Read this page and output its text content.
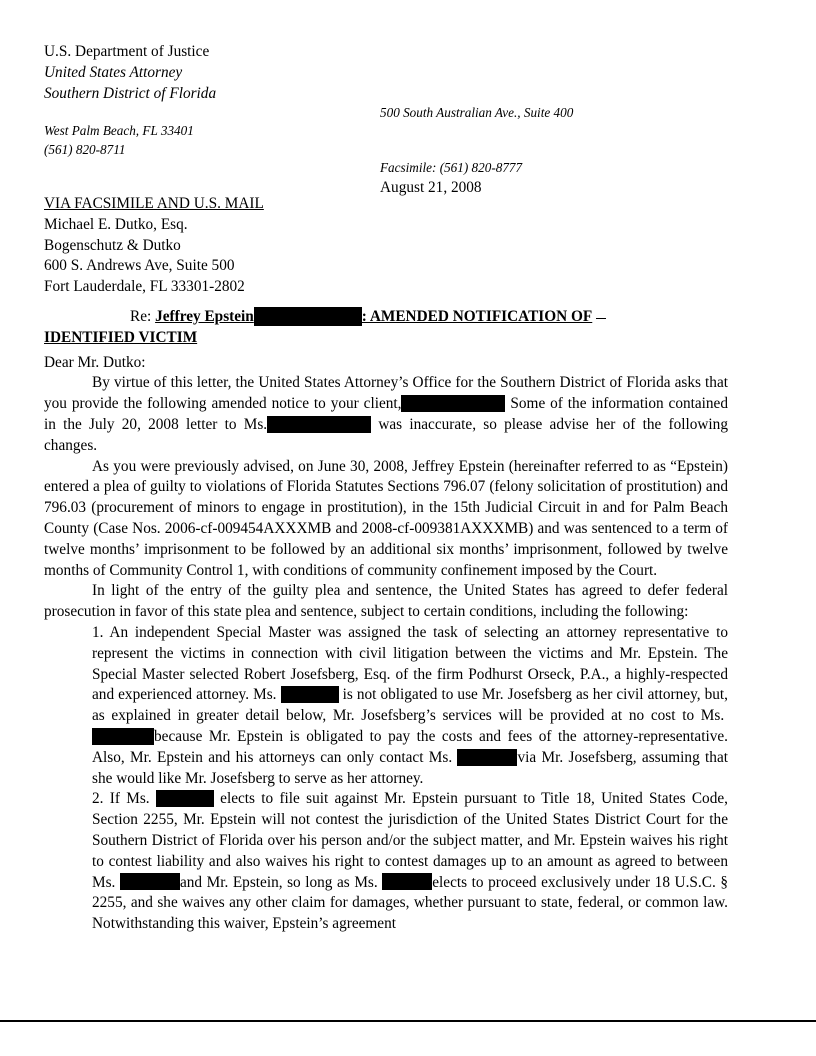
U.S. Department of Justice
United States Attorney
Southern District of Florida
500 South Australian Ave., Suite 400
West Palm Beach, FL 33401
(561) 820-8711
Facsimile: (561) 820-8777
August 21, 2008
VIA FACSIMILE AND U.S. MAIL
Michael E. Dutko, Esq.
Bogenschutz & Dutko
600 S. Andrews Ave, Suite 500
Fort Lauderdale, FL 33301-2802
Re: Jeffrey Epstein	: AMENDED NOTIFICATION OF
IDENTIFIED VICTIM
Dear Mr. Dutko:

By virtue of this letter, the United States Attorney’s Office for the Southern District of Florida asks that you provide the following amended notice to your client,	Some of the information contained in the July 20, 2008 letter to Ms.	was inaccurate, so please advise her of the following changes.

As you were previously advised, on June 30, 2008, Jeffrey Epstein (hereinafter referred to as “Epstein) entered a plea of guilty to violations of Florida Statutes Sections 796.07 (felony solicitation of prostitution) and 796.03 (procurement of minors to engage in prostitution), in the 15th Judicial Circuit in and for Palm Beach County (Case Nos. 2006-cf-009454AXXXMB and 2008-cf-009381AXXXMB) and was sentenced to a term of twelve months’ imprisonment to be followed by an additional six months’ imprisonment, followed by twelve months of Community Control 1, with conditions of community confinement imposed by the Court.

In light of the entry of the guilty plea and sentence, the United States has agreed to defer federal prosecution in favor of this state plea and sentence, subject to certain conditions, including the following:

1. An independent Special Master was assigned the task of selecting an attorney representative to represent the victims in connection with civil litigation between the victims and Mr. Epstein. The Special Master selected Robert Josefsberg, Esq. of the firm Podhurst Orseck, P.A., a highly-respected and experienced attorney. Ms.	is not obligated to use Mr. Josefsberg as her civil attorney, but, as explained in greater detail below, Mr. Josefsberg’s services will be provided at no cost to Ms. because Mr. Epstein is obligated to pay the costs and fees of the attorney-representative. Also, Mr. Epstein and his attorneys can only contact Ms.	via Mr. Josefsberg, assuming that she would like Mr. Josefsberg to serve as her attorney.

2. If Ms.	elects to file suit against Mr. Epstein pursuant to Title 18, United States Code, Section 2255, Mr. Epstein will not contest the jurisdiction of the United States District Court for the Southern District of Florida over his person and/or the subject matter, and Mr. Epstein waives his right to contest liability and also waives his right to contest damages up to an amount as agreed to between Ms.	and Mr. Epstein, so long as Ms.	elects to proceed exclusively under 18 U.S.C. § 2255, and she waives any other claim for damages, whether pursuant to state, federal, or common law. Notwithstanding this waiver, Epstein’s agreement
